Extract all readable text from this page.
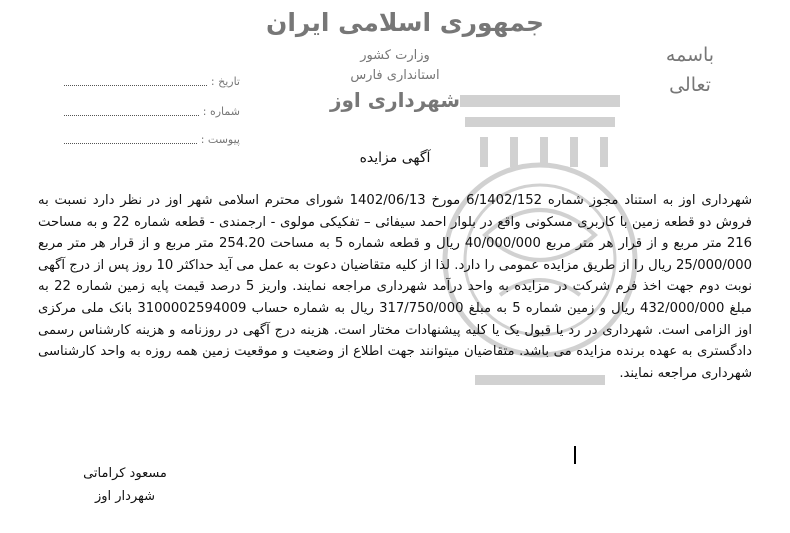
جمهوری اسلامی ایران
وزارت کشور
استانداری فارس
شهرداری اوز
باسمه
تعالی
تاریخ :
شماره :
پیوست :
آگهی مزایده
شهرداری اوز به استناد مجوز شماره 6/1402/152 مورخ 1402/06/13 شورای محترم اسلامی شهر اوز در نظر دارد نسبت به فروش دو قطعه زمین با کاربری مسکونی واقع در بلوار احمد سیفائی – تفکیکی مولوی - ارجمندی - قطعه شماره 22 و به مساحت 216 متر مربع و از قرار هر متر مربع 40/000/000 ریال و قطعه شماره 5 به مساحت 254.20 متر مربع و از قرار هر متر مربع 25/000/000 ریال را از طریق مزایده عمومی را دارد. لذا از کلیه متقاضیان دعوت به عمل می آید حداکثر 10 روز پس از درج آگهی نوبت دوم جهت اخذ فرم شرکت در مزایده به واحد درآمد شهرداری مراجعه نمایند. واریز 5 درصد قیمت پایه زمین شماره 22 به مبلغ 432/000/000 ریال و زمین شماره 5 به مبلغ 317/750/000 ریال به شماره حساب 3100002594009 بانک ملی مرکزی اوز الزامی است. شهرداری در رد یا قبول یک یا کلیه پیشنهادات مختار است. هزینه درج آگهی در روزنامه و هزینه کارشناس رسمی دادگستری به عهده برنده مزایده می باشد. متقاضیان میتوانند جهت اطلاع از وضعیت و موقعیت زمین همه روزه به واحد کارشناسی شهرداری مراجعه نمایند.
مسعود کراماتی
شهردار اوز
